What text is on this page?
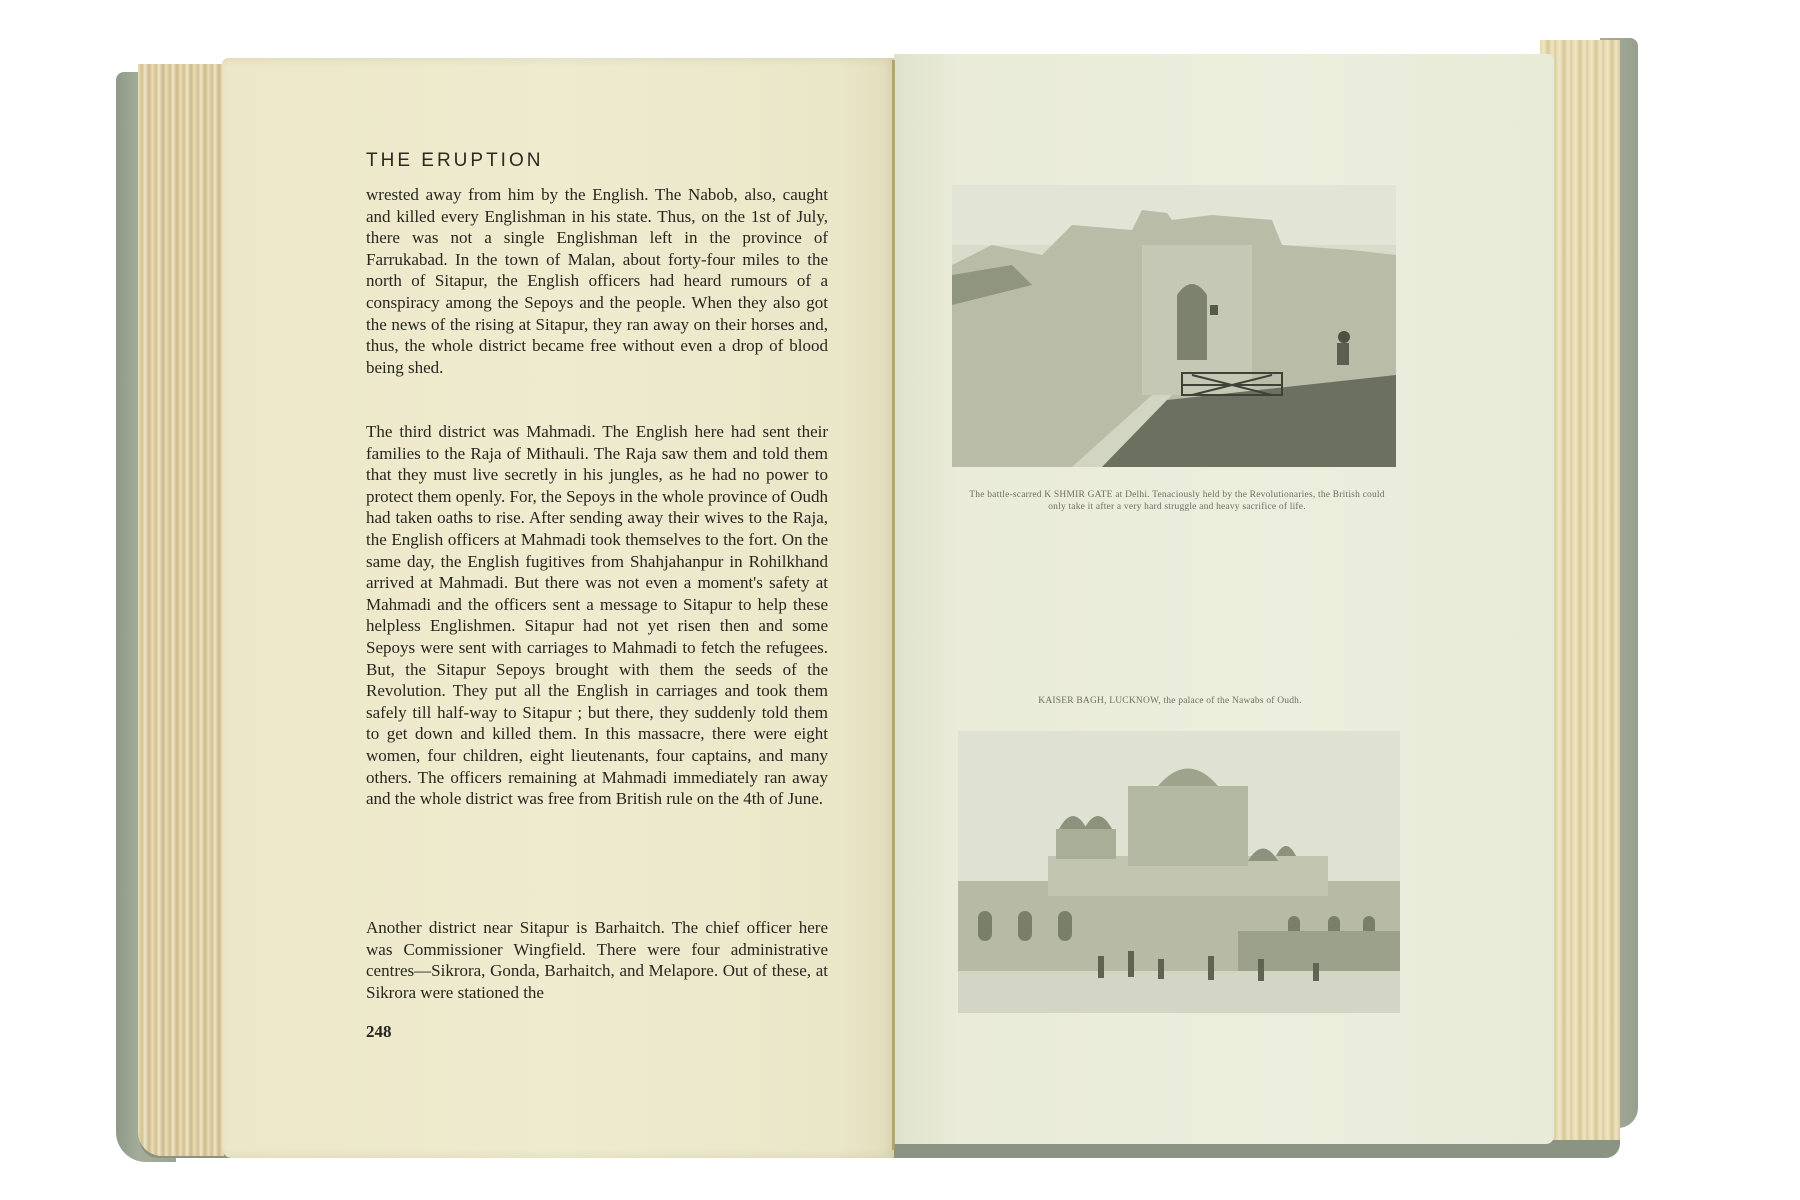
THE ERUPTION

wrested away from him by the English. The Nabob, also, caught and killed every Englishman in his state. Thus, on the 1st of July, there was not a single Englishman left in the province of Farrukabad. In the town of Malan, about forty-four miles to the north of Sitapur, the English officers had heard rumours of a conspiracy among the Sepoys and the people. When they also got the news of the rising at Sitapur, they ran away on their horses and, thus, the whole district became free without even a drop of blood being shed.

The third district was Mahmadi. The English here had sent their families to the Raja of Mithauli. The Raja saw them and told them that they must live secretly in his jungles, as he had no power to protect them openly. For, the Sepoys in the whole province of Oudh had taken oaths to rise. After sending away their wives to the Raja, the English officers at Mahmadi took themselves to the fort. On the same day, the English fugitives from Shahjahanpur in Rohilkhand arrived at Mahmadi. But there was not even a moment's safety at Mahmadi and the officers sent a message to Sitapur to help these helpless Englishmen. Sitapur had not yet risen then and some Sepoys were sent with carriages to Mahmadi to fetch the refugees. But, the Sitapur Sepoys brought with them the seeds of the Revolution. They put all the English in carriages and took them safely till half-way to Sitapur ; but there, they suddenly told them to get down and killed them. In this massacre, there were eight women, four children, eight lieutenants, four captains, and many others. The officers remaining at Mahmadi immediately ran away and the whole district was free from British rule on the 4th of June.

Another district near Sitapur is Barhaitch. The chief officer here was Commissioner Wingfield. There were four administrative centres—Sikrora, Gonda, Barhaitch, and Melapore. Out of these, at Sikrora were stationed the

248
The battle-scarred K SHMIR GATE at Delhi. Tenaciously held by the Revolutionaries, the British could only take it after a very hard struggle and heavy sacrifice of life.
KAISER BAGH, LUCKNOW, the palace of the Nawabs of Oudh.
